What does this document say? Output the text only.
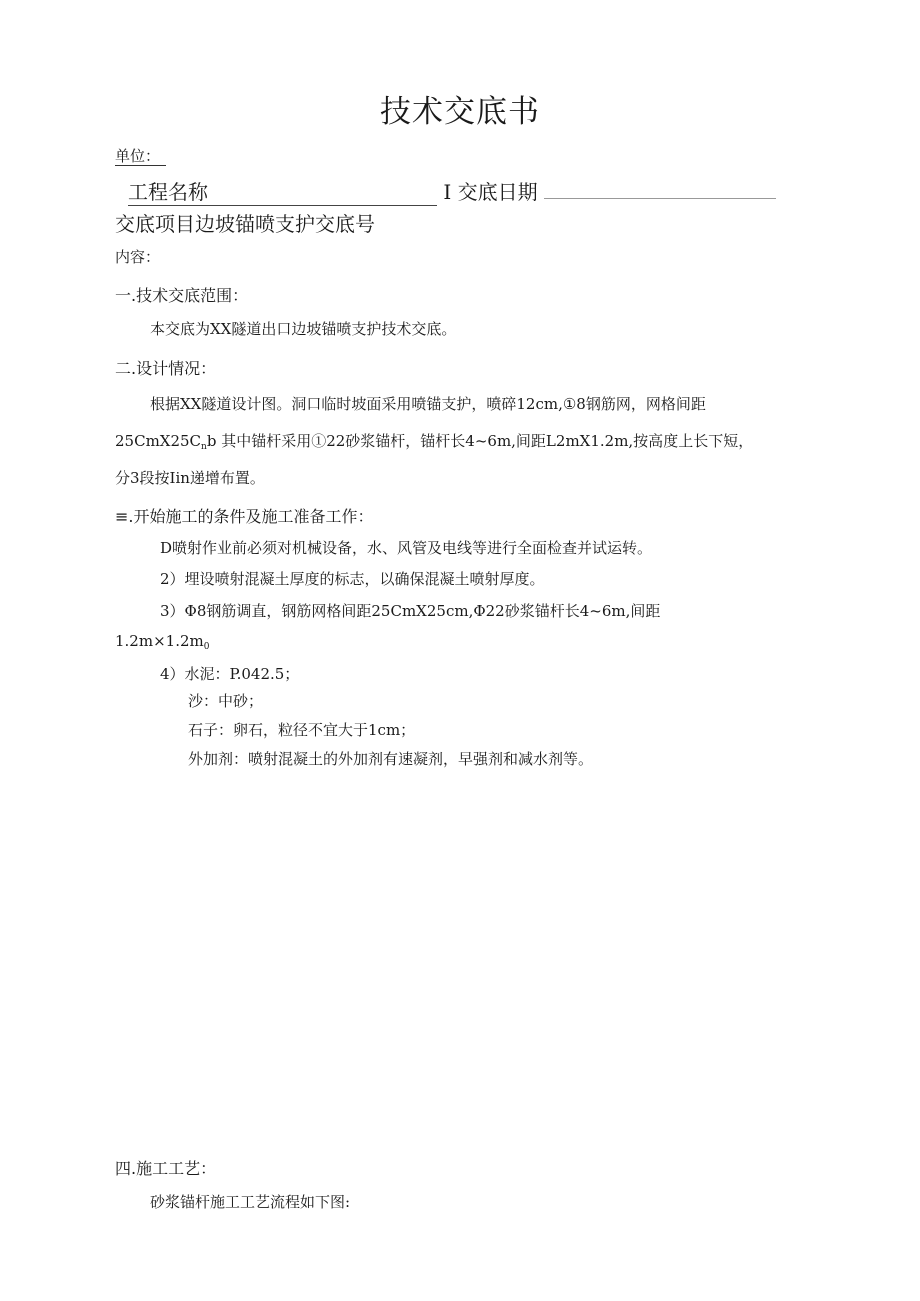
技术交底书
单位：
工程名称	I 交底日期
交底项目边坡锚喷支护交底号
内容：
一.技术交底范围：
本交底为XX隧道出口边坡锚喷支护技术交底。
二.设计情况：
根据XX隧道设计图。洞口临时坡面采用喷锚支护，喷碎12cm,①8钢筋网，网格间距
$25CmX25C_nb$ 其中锚杆采用①22砂浆锚杆，锚杆长4~6m,间距L2mX1.2m,按高度上长下短，
分3段按Iin递增布置。
≡.开始施工的条件及施工准备工作：
D喷射作业前必须对机械设备，水、风管及电线等进行全面检查并试运转。
2）埋设喷射混凝土厚度的标志，以确保混凝土喷射厚度。
3）Φ8钢筋调直，钢筋网格间距25CmX25cm,Φ22砂浆锚杆长4~6m,间距
$1.2m\times 1.2m_0$
4）水泥：P.042.5；
沙：中砂；
石子：卵石，粒径不宜大于1cm；
外加剂：喷射混凝土的外加剂有速凝剂，早强剂和减水剂等。
四.施工工艺：
砂浆锚杆施工工艺流程如下图:
